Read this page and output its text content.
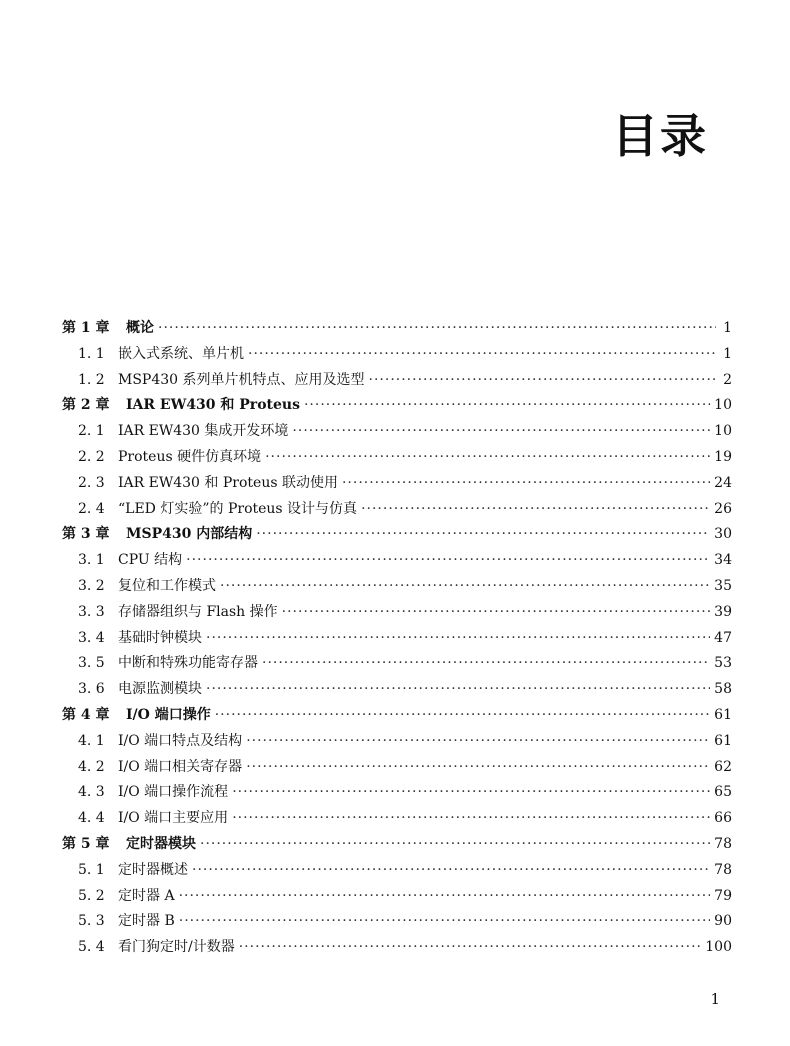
目录
第 1 章	概论 ·····	1
1. 1 嵌入式系统、单片机 ·····	1
1. 2 MSP430 系列单片机特点、应用及选型 ·····	2
第 2 章	IAR EW430 和 Proteus ·····	10
2. 1 IAR EW430 集成开发环境 ·····	10
2. 2 Proteus 硬件仿真环境 ·····	19
2. 3 IAR EW430 和 Proteus 联动使用 ·····	24
2. 4 “LED 灯实验”的 Proteus 设计与仿真 ·····	26
第 3 章	MSP430 内部结构 ·····	30
3. 1 CPU 结构 ·····	34
3. 2 复位和工作模式 ·····	35
3. 3 存储器组织与 Flash 操作 ·····	39
3. 4 基础时钟模块 ·····	47
3. 5 中断和特殊功能寄存器 ·····	53
3. 6 电源监测模块 ·····	58
第 4 章	I/O 端口操作 ·····	61
4. 1 I/O 端口特点及结构 ·····	61
4. 2 I/O 端口相关寄存器 ·····	62
4. 3 I/O 端口操作流程 ·····	65
4. 4 I/O 端口主要应用 ·····	66
第 5 章	定时器模块 ·····	78
5. 1 定时器概述 ·····	78
5. 2 定时器 A ·····	79
5. 3 定时器 B ·····	90
5. 4 看门狗定时/计数器 ·····	100
1
